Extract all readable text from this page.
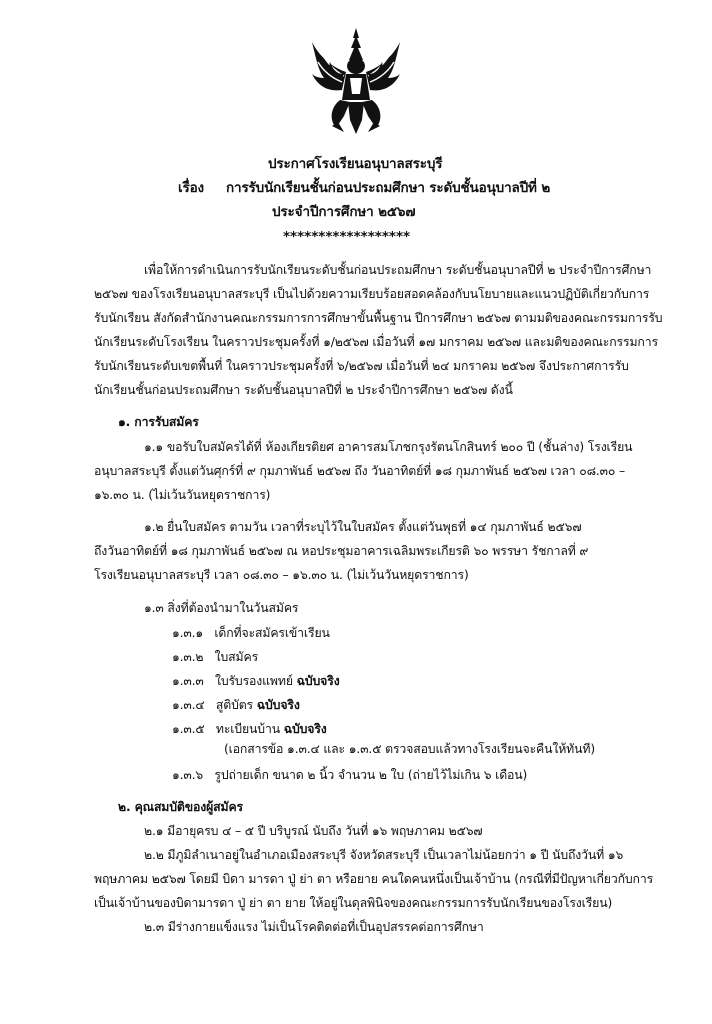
ประกาศโรงเรียนอนุบาลสระบุรี
เรื่อง การรับนักเรียนชั้นก่อนประถมศึกษา ระดับชั้นอนุบาลปีที่ ๒
ประจำปีการศึกษา ๒๕๖๗
******************
เพื่อให้การดำเนินการรับนักเรียนระดับชั้นก่อนประถมศึกษา ระดับชั้นอนุบาลปีที่ ๒ ประจำปีการศึกษา
๒๕๖๗ ของโรงเรียนอนุบาลสระบุรี เป็นไปด้วยความเรียบร้อยสอดคล้องกับนโยบายและแนวปฏิบัติเกี่ยวกับการ
รับนักเรียน สังกัดสำนักงานคณะกรรมการการศึกษาขั้นพื้นฐาน ปีการศึกษา ๒๕๖๗ ตามมติของคณะกรรมการรับ
นักเรียนระดับโรงเรียน ในคราวประชุมครั้งที่ ๑/๒๕๖๗ เมื่อวันที่ ๑๗ มกราคม ๒๕๖๗ และมติของคณะกรรมการ
รับนักเรียนระดับเขตพื้นที่ ในคราวประชุมครั้งที่ ๖/๒๕๖๗ เมื่อวันที่ ๒๔ มกราคม ๒๕๖๗ จึงประกาศการรับ
นักเรียนชั้นก่อนประถมศึกษา ระดับชั้นอนุบาลปีที่ ๒ ประจำปีการศึกษา ๒๕๖๗ ดังนี้
๑. การรับสมัคร
๑.๑ ขอรับใบสมัครได้ที่ ห้องเกียรติยศ อาคารสมโภชกรุงรัตนโกสินทร์ ๒๐๐ ปี (ชั้นล่าง) โรงเรียน
อนุบาลสระบุรี ตั้งแต่วันศุกร์ที่ ๙ กุมภาพันธ์ ๒๕๖๗ ถึง วันอาทิตย์ที่ ๑๘ กุมภาพันธ์ ๒๕๖๗ เวลา ๐๘.๓๐ –
๑๖.๓๐ น. (ไม่เว้นวันหยุดราชการ)
๑.๒ ยื่นใบสมัคร ตามวัน เวลาที่ระบุไว้ในใบสมัคร ตั้งแต่วันพุธที่ ๑๔ กุมภาพันธ์ ๒๕๖๗
ถึงวันอาทิตย์ที่ ๑๘ กุมภาพันธ์ ๒๕๖๗ ณ หอประชุมอาคารเฉลิมพระเกียรติ ๖๐ พรรษา รัชกาลที่ ๙
โรงเรียนอนุบาลสระบุรี เวลา ๐๘.๓๐ – ๑๖.๓๐ น. (ไม่เว้นวันหยุดราชการ)
๑.๓ สิ่งที่ต้องนำมาในวันสมัคร
๑.๓.๑ เด็กที่จะสมัครเข้าเรียน
๑.๓.๒ ใบสมัคร
๑.๓.๓ ใบรับรองแพทย์ ฉบับจริง
๑.๓.๔ สูติบัตร ฉบับจริง
๑.๓.๕ ทะเบียนบ้าน ฉบับจริง
(เอกสารข้อ ๑.๓.๔ และ ๑.๓.๕ ตรวจสอบแล้วทางโรงเรียนจะคืนให้ทันที)
๑.๓.๖ รูปถ่ายเด็ก ขนาด ๒ นิ้ว จำนวน ๒ ใบ (ถ่ายไว้ไม่เกิน ๖ เดือน)
๒. คุณสมบัติของผู้สมัคร
๒.๑ มีอายุครบ ๔ – ๕ ปี บริบูรณ์ นับถึง วันที่ ๑๖ พฤษภาคม ๒๕๖๗
๒.๒ มีภูมิลำเนาอยู่ในอำเภอเมืองสระบุรี จังหวัดสระบุรี เป็นเวลาไม่น้อยกว่า ๑ ปี นับถึงวันที่ ๑๖
พฤษภาคม ๒๕๖๗ โดยมี บิดา มารดา ปู่ ย่า ตา หรือยาย คนใดคนหนึ่งเป็นเจ้าบ้าน (กรณีที่มีปัญหาเกี่ยวกับการ
เป็นเจ้าบ้านของบิดามารดา ปู่ ย่า ตา ยาย ให้อยู่ในดุลพินิจของคณะกรรมการรับนักเรียนของโรงเรียน)
๒.๓ มีร่างกายแข็งแรง ไม่เป็นโรคติดต่อที่เป็นอุปสรรคต่อการศึกษา
